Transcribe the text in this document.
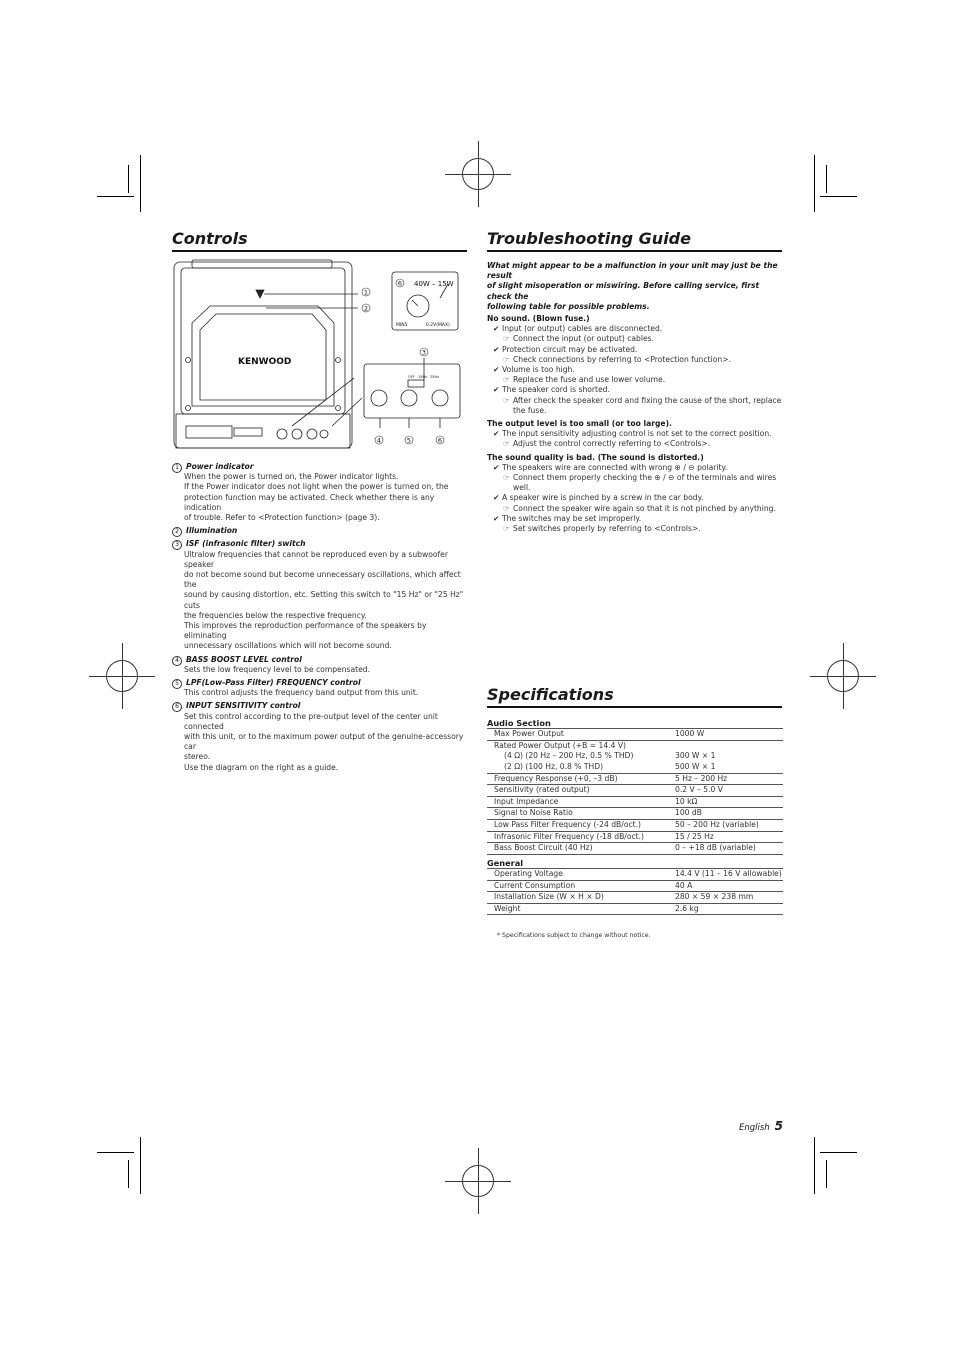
Controls
KENWOOD
40W – 15W
0.2V(MAX)
MIN5
OFF 15Hz 25Hz
1
2
3
4	5	6
6

1 Power indicator

When the power is turned on, the Power indicator lights.

If the Power indicator does not light when the power is turned on, the

protection function may be activated. Check whether there is any indication

of trouble. Refer to <Protection function> (page 3).

2 Illumination

3 ISF (infrasonic filter) switch

Ultralow frequencies that cannot be reproduced even by a subwoofer speaker

do not become sound but become unnecessary oscillations, which affect the

sound by causing distortion, etc. Setting this switch to "15 Hz" or "25 Hz" cuts

the frequencies below the respective frequency.

This improves the reproduction performance of the speakers by eliminating

unnecessary oscillations which will not become sound.

4 BASS BOOST LEVEL control

Sets the low frequency level to be compensated.

5 LPF(Low-Pass Filter) FREQUENCY control

This control adjusts the frequency band output from this unit.

6 INPUT SENSITIVITY control

Set this control according to the pre-output level of the center unit connected

with this unit, or to the maximum power output of the genuine-accessory car

stereo.

Use the diagram on the right as a guide.

Troubleshooting Guide

What might appear to be a malfunction in your unit may just be the result

of slight misoperation or miswiring. Before calling service, first check the

following table for possible problems.

No sound. (Blown fuse.)

✔ Input (or output) cables are disconnected.

☞ Connect the input (or output) cables.

✔ Protection circuit may be activated.

☞ Check connections by referring to <Protection function>.

✔ Volume is too high.

☞ Replace the fuse and use lower volume.

✔ The speaker cord is shorted.

☞ After check the speaker cord and fixing the cause of the short, replace the fuse.

The output level is too small (or too large).

✔ The input sensitivity adjusting control is not set to the correct position.

☞ Adjust the control correctly referring to <Controls>.

The sound quality is bad. (The sound is distorted.)

✔ The speakers wire are connected with wrong ⊕ / ⊖ polarity.

☞ Connect them properly checking the ⊕ / ⊖ of the terminals and wires well.

✔ A speaker wire is pinched by a screw in the car body.

☞ Connect the speaker wire again so that it is not pinched by anything.

✔ The switches may be set improperly.

☞ Set switches properly by referring to <Controls>.

Specifications

Audio Section

Max Power Output	1000 W
Rated Power Output (+B = 14.4 V)	
(4 Ω) (20 Hz – 200 Hz, 0.5 % THD)	300 W × 1
(2 Ω) (100 Hz, 0.8 % THD)	500 W × 1
Frequency Response (+0, –3 dB)	5 Hz – 200 Hz
Sensitivity (rated output)	0.2 V – 5.0 V
Input Impedance	10 kΩ
Signal to Noise Ratio	100 dB
Low Pass Filter Frequency (-24 dB/oct.)	50 – 200 Hz (variable)
Infrasonic Filter Frequency (-18 dB/oct.)	15 / 25 Hz
Bass Boost Circuit (40 Hz)	0 – +18 dB (variable)

General

Operating Voltage	14.4 V (11 – 16 V allowable)
Current Consumption	40 A
Installation Size (W × H × D)	280 × 59 × 238 mm
Weight	2.6 kg

* Specifications subject to change without notice.

English 5
